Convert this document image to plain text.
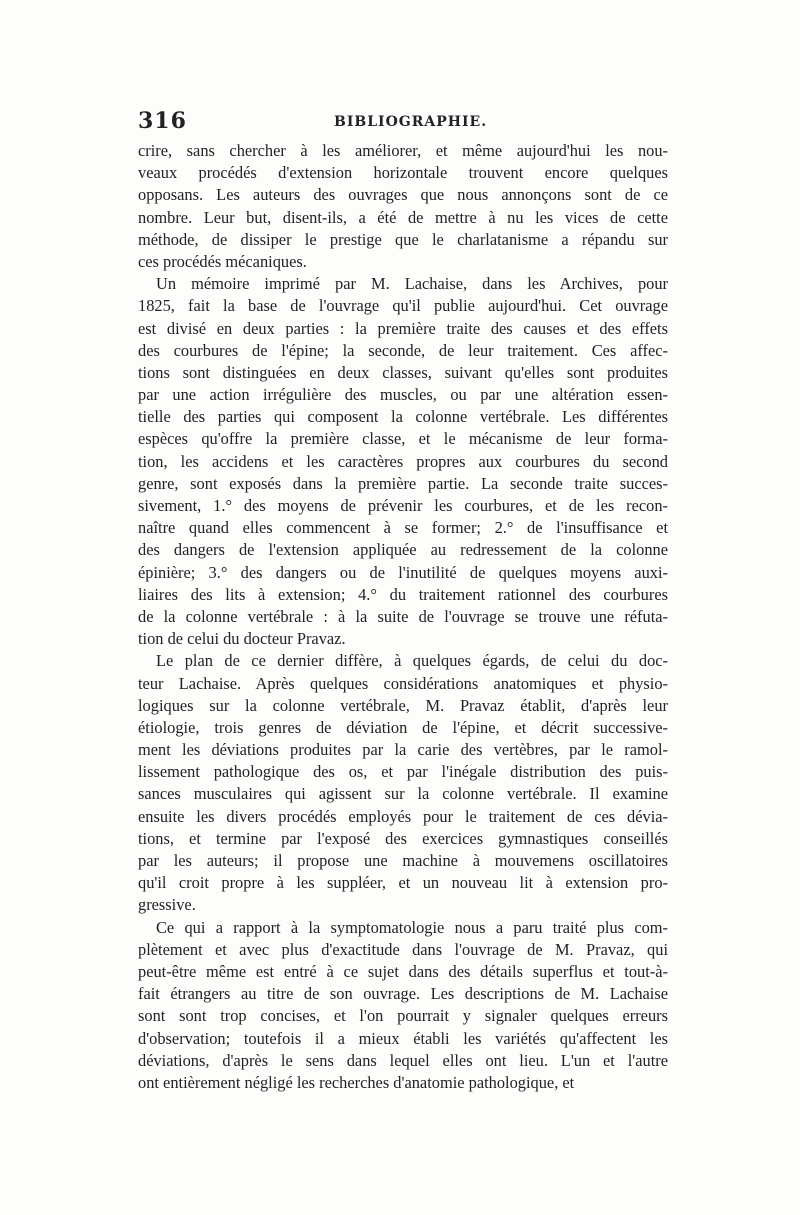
316	BIBLIOGRAPHIE.
crire, sans chercher à les améliorer, et même aujourd'hui les nou-
veaux procédés d'extension horizontale trouvent encore quelques
opposans. Les auteurs des ouvrages que nous annonçons sont de ce
nombre. Leur but, disent-ils, a été de mettre à nu les vices de cette
méthode, de dissiper le prestige que le charlatanisme a répandu sur
ces procédés mécaniques.
Un mémoire imprimé par M. Lachaise, dans les Archives, pour
1825, fait la base de l'ouvrage qu'il publie aujourd'hui. Cet ouvrage
est divisé en deux parties : la première traite des causes et des effets
des courbures de l'épine; la seconde, de leur traitement. Ces affec-
tions sont distinguées en deux classes, suivant qu'elles sont produites
par une action irrégulière des muscles, ou par une altération essen-
tielle des parties qui composent la colonne vertébrale. Les différentes
espèces qu'offre la première classe, et le mécanisme de leur forma-
tion, les accidens et les caractères propres aux courbures du second
genre, sont exposés dans la première partie. La seconde traite succes-
sivement, 1.° des moyens de prévenir les courbures, et de les recon-
naître quand elles commencent à se former; 2.° de l'insuffisance et
des dangers de l'extension appliquée au redressement de la colonne
épinière; 3.° des dangers ou de l'inutilité de quelques moyens auxi-
liaires des lits à extension; 4.° du traitement rationnel des courbures
de la colonne vertébrale : à la suite de l'ouvrage se trouve une réfuta-
tion de celui du docteur Pravaz.
Le plan de ce dernier diffère, à quelques égards, de celui du doc-
teur Lachaise. Après quelques considérations anatomiques et physio-
logiques sur la colonne vertébrale, M. Pravaz établit, d'après leur
étiologie, trois genres de déviation de l'épine, et décrit successive-
ment les déviations produites par la carie des vertèbres, par le ramol-
lissement pathologique des os, et par l'inégale distribution des puis-
sances musculaires qui agissent sur la colonne vertébrale. Il examine
ensuite les divers procédés employés pour le traitement de ces dévia-
tions, et termine par l'exposé des exercices gymnastiques conseillés
par les auteurs; il propose une machine à mouvemens oscillatoires
qu'il croit propre à les suppléer, et un nouveau lit à extension pro-
gressive.
Ce qui a rapport à la symptomatologie nous a paru traité plus com-
plètement et avec plus d'exactitude dans l'ouvrage de M. Pravaz, qui
peut-être même est entré à ce sujet dans des détails superflus et tout-à-
fait étrangers au titre de son ouvrage. Les descriptions de M. Lachaise
sont sont trop concises, et l'on pourrait y signaler quelques erreurs
d'observation; toutefois il a mieux établi les variétés qu'affectent les
déviations, d'après le sens dans lequel elles ont lieu. L'un et l'autre
ont entièrement négligé les recherches d'anatomie pathologique, et
